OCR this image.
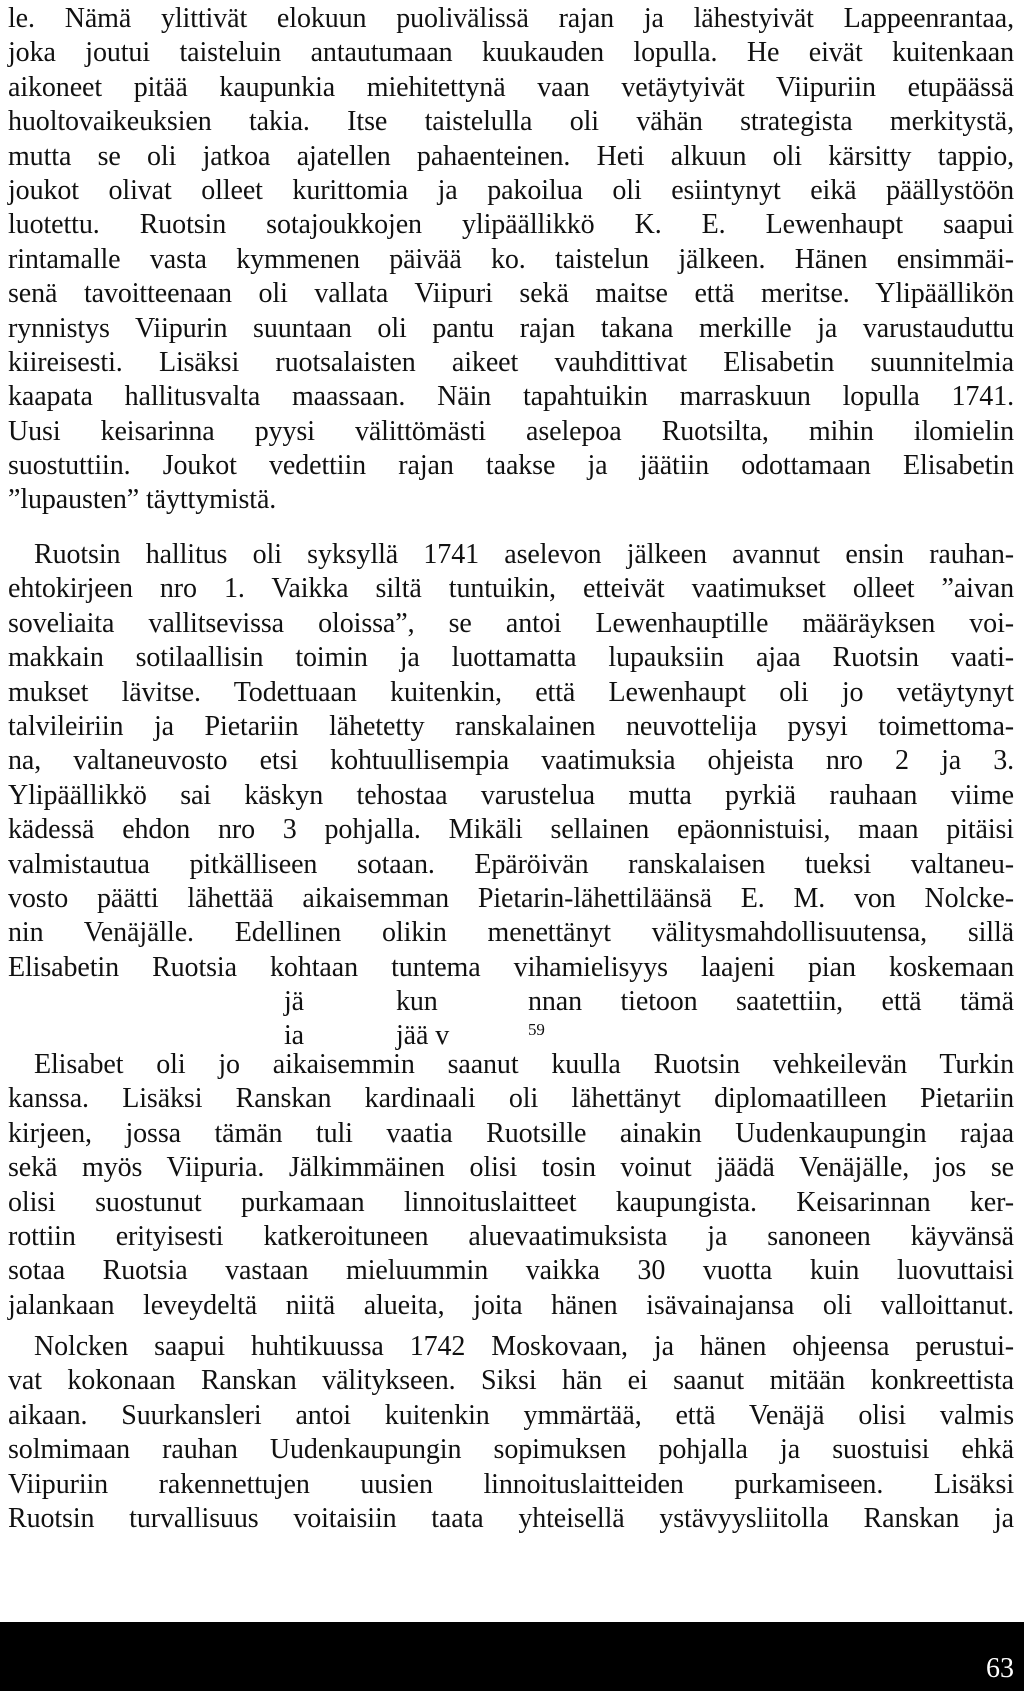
le. Nämä ylittivät elokuun puolivälissä rajan ja lähestyivät Lappeenrantaa,
joka joutui taisteluin antautumaan kuukauden lopulla. He eivät kuitenkaan
aikoneet pitää kaupunkia miehitettynä vaan vetäytyivät Viipuriin etupäässä
huoltovaikeuksien takia. Itse taistelulla oli vähän strategista merkitystä,
mutta se oli jatkoa ajatellen pahaenteinen. Heti alkuun oli kärsitty tappio,
joukot olivat olleet kurittomia ja pakoilua oli esiintynyt eikä päällystöön
luotettu. Ruotsin sotajoukkojen ylipäällikkö K. E. Lewenhaupt saapui
rintamalle vasta kymmenen päivää ko. taistelun jälkeen. Hänen ensimmäi-
senä tavoitteenaan oli vallata Viipuri sekä maitse että meritse. Ylipäällikön
rynnistys Viipurin suuntaan oli pantu rajan takana merkille ja varustauduttu
kiireisesti. Lisäksi ruotsalaisten aikeet vauhdittivat Elisabetin suunnitelmia
kaapata hallitusvalta maassaan. Näin tapahtuikin marraskuun lopulla 1741.
Uusi keisarinna pyysi välittömästi aselepoa Ruotsilta, mihin ilomielin
suostuttiin. Joukot vedettiin rajan taakse ja jäätiin odottamaan Elisabetin
”lupausten” täyttymistä.
Ruotsin hallitus oli syksyllä 1741 aselevon jälkeen avannut ensin rauhan-
ehtokirjeen nro 1. Vaikka siltä tuntuikin, etteivät vaatimukset olleet ”aivan
soveliaita vallitsevissa oloissa”, se antoi Lewenhauptille määräyksen voi-
makkain sotilaallisin toimin ja luottamatta lupauksiin ajaa Ruotsin vaati-
mukset lävitse. Todettuaan kuitenkin, että Lewenhaupt oli jo vetäytynyt
talvileiriin ja Pietariin lähetetty ranskalainen neuvottelija pysyi toimettoma-
na, valtaneuvosto etsi kohtuullisempia vaatimuksia ohjeista nro 2 ja 3.
Ylipäällikkö sai käskyn tehostaa varustelua mutta pyrkiä rauhaan viime
kädessä ehdon nro 3 pohjalla. Mikäli sellainen epäonnistuisi, maan pitäisi
valmistautua pitkälliseen sotaan. Epäröivän ranskalaisen tueksi valtaneu-
vosto päätti lähettää aikaisemman Pietarin-lähettiläänsä E. M. von Nolcke-
nin Venäjälle. Edellinen olikin menettänyt välitysmahdollisuutensa, sillä
Elisabetin Ruotsia kohtaan tuntema vihamielisyys laajeni pian koskemaan
jä	kun	nnan tietoon saatettiin, että tämä
ia	jää v	59
Elisabet oli jo aikaisemmin saanut kuulla Ruotsin vehkeilevän Turkin
kanssa. Lisäksi Ranskan kardinaali oli lähettänyt diplomaatilleen Pietariin
kirjeen, jossa tämän tuli vaatia Ruotsille ainakin Uudenkaupungin rajaa
sekä myös Viipuria. Jälkimmäinen olisi tosin voinut jäädä Venäjälle, jos se
olisi suostunut purkamaan linnoituslaitteet kaupungista. Keisarinnan ker-
rottiin erityisesti katkeroituneen aluevaatimuksista ja sanoneen käyvänsä
sotaa Ruotsia vastaan mieluummin vaikka 30 vuotta kuin luovuttaisi
jalankaan leveydeltä niitä alueita, joita hänen isävainajansa oli valloittanut.
Nolcken saapui huhtikuussa 1742 Moskovaan, ja hänen ohjeensa perustui-
vat kokonaan Ranskan välitykseen. Siksi hän ei saanut mitään konkreettista
aikaan. Suurkansleri antoi kuitenkin ymmärtää, että Venäjä olisi valmis
solmimaan rauhan Uudenkaupungin sopimuksen pohjalla ja suostuisi ehkä
Viipuriin rakennettujen uusien linnoituslaitteiden purkamiseen. Lisäksi
Ruotsin turvallisuus voitaisiin taata yhteisellä ystävyysliitolla Ranskan ja
63
